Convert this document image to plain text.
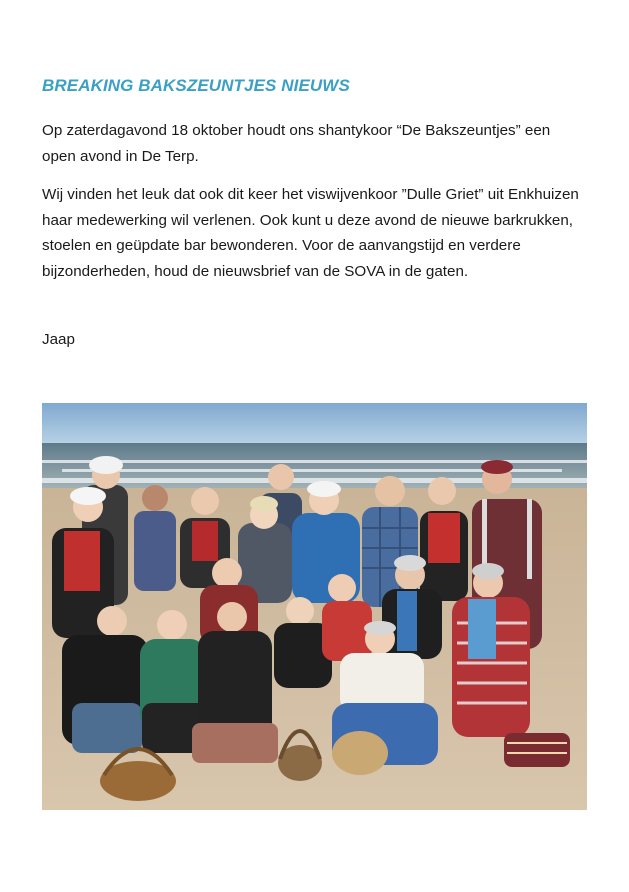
BREAKING BAKSZEUNTJES NIEUWS

Op zaterdagavond 18 oktober houdt ons shantykoor “De Bakszeuntjes” een open avond in De Terp.

Wij vinden het leuk dat ook dit keer het viswijvenkoor ”Dulle Griet” uit Enkhuizen haar medewerking wil verlenen. Ook kunt u deze avond de nieuwe barkrukken, stoelen en geüpdate bar bewonderen. Voor de aanvangstijd en verdere bijzonderheden, houd de nieuwsbrief van de SOVA in de gaten.

Jaap
